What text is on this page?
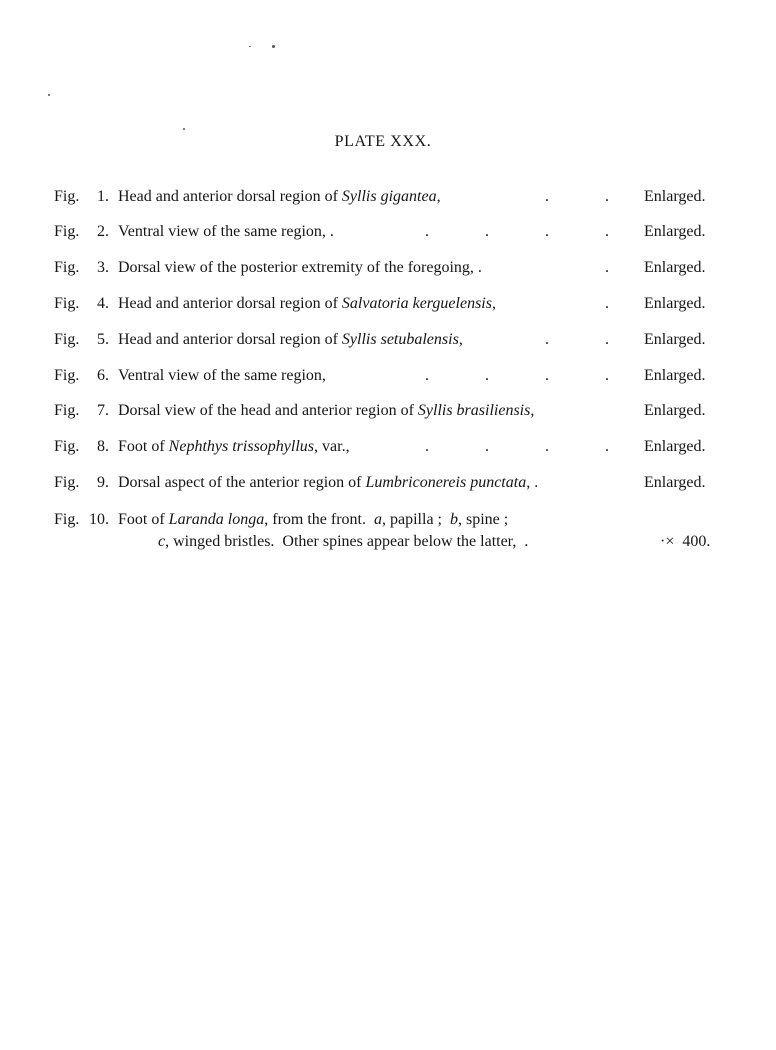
PLATE XXX.
Fig.	1. Head and anterior dorsal region of Syllis gigantea,	.	. Enlarged.
Fig.	2. Ventral view of the same region, .	.	.	.	. Enlarged.
Fig.	3. Dorsal view of the posterior extremity of the foregoing, .	. Enlarged.
Fig.	4. Head and anterior dorsal region of Salvatoria kerguelensis,	. Enlarged.
Fig.	5. Head and anterior dorsal region of Syllis setubalensis,	.	. Enlarged.
Fig.	6. Ventral view of the same region,	.	.	.	. Enlarged.
Fig.	7. Dorsal view of the head and anterior region of Syllis brasiliensis,	Enlarged.
Fig.	8. Foot of Nephthys trissophyllus, var.,	.	.	.	. Enlarged.
Fig.	9. Dorsal aspect of the anterior region of Lumbriconereis punctata, .	Enlarged.
Fig. 10. Foot of Laranda longa, from the front.  a, papilla ;  b, spine ;
c, winged bristles.  Other spines appear below the latter,  .	·×  400.
